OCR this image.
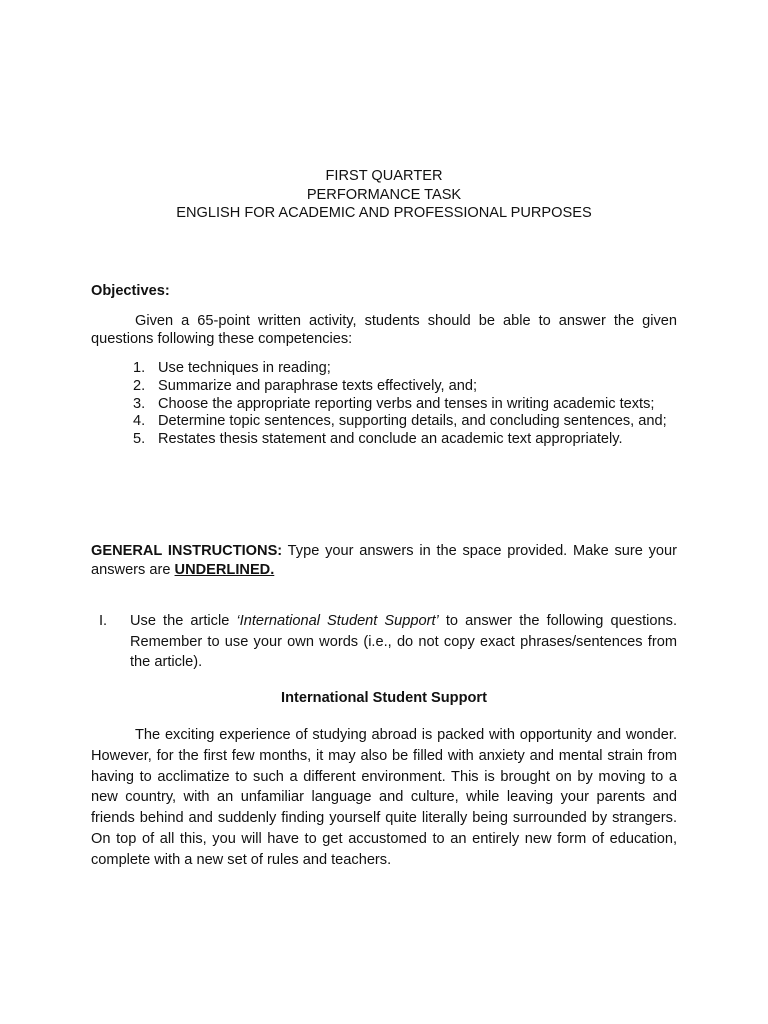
FIRST QUARTER
PERFORMANCE TASK
ENGLISH FOR ACADEMIC AND PROFESSIONAL PURPOSES
Objectives:
Given a 65-point written activity, students should be able to answer the given questions following these competencies:
1. Use techniques in reading;
2. Summarize and paraphrase texts effectively, and;
3. Choose the appropriate reporting verbs and tenses in writing academic texts;
4. Determine topic sentences, supporting details, and concluding sentences, and;
5. Restates thesis statement and conclude an academic text appropriately.
GENERAL INSTRUCTIONS: Type your answers in the space provided. Make sure your answers are UNDERLINED.
I.	Use the article ‘International Student Support’ to answer the following questions. Remember to use your own words (i.e., do not copy exact phrases/sentences from the article).
International Student Support
The exciting experience of studying abroad is packed with opportunity and wonder. However, for the first few months, it may also be filled with anxiety and mental strain from having to acclimatize to such a different environment. This is brought on by moving to a new country, with an unfamiliar language and culture, while leaving your parents and friends behind and suddenly finding yourself quite literally being surrounded by strangers. On top of all this, you will have to get accustomed to an entirely new form of education, complete with a new set of rules and teachers.
